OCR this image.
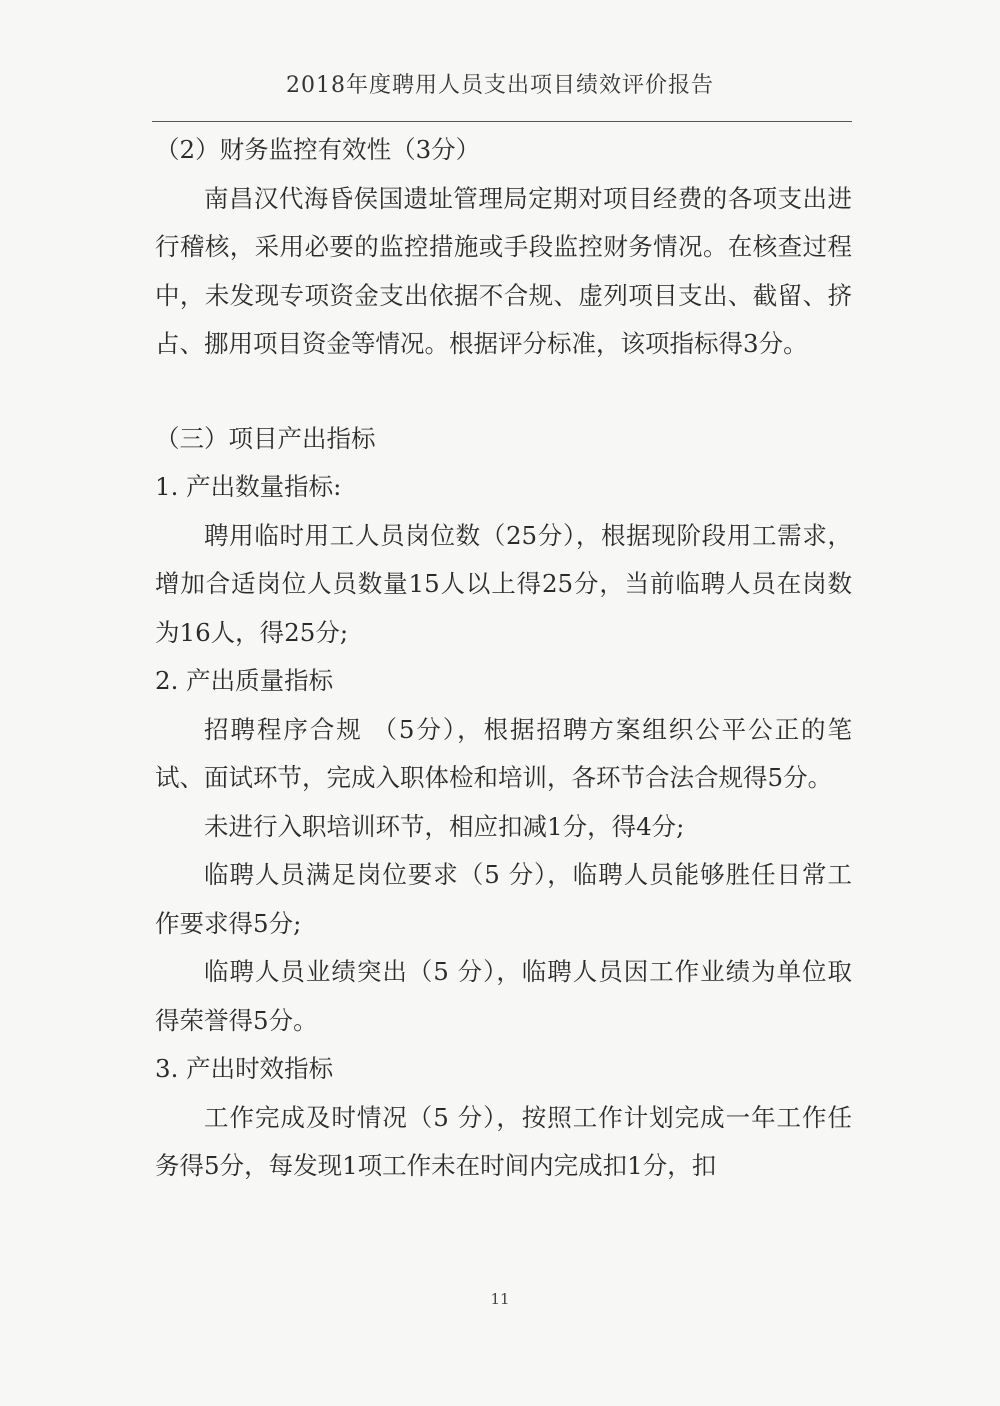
2018年度聘用人员支出项目绩效评价报告

（2）财务监控有效性（3分）

南昌汉代海昏侯国遗址管理局定期对项目经费的各项支出进行稽核，采用必要的监控措施或手段监控财务情况。在核查过程中，未发现专项资金支出依据不合规、虚列项目支出、截留、挤占、挪用项目资金等情况。根据评分标准，该项指标得3分。

（三）项目产出指标

1. 产出数量指标:

聘用临时用工人员岗位数（25分），根据现阶段用工需求，增加合适岗位人员数量15人以上得25分，当前临聘人员在岗数为16人，得25分;

2. 产出质量指标

招聘程序合规 （5分），根据招聘方案组织公平公正的笔试、面试环节，完成入职体检和培训，各环节合法合规得5分。

未进行入职培训环节，相应扣减1分，得4分;

临聘人员满足岗位要求（5 分），临聘人员能够胜任日常工作要求得5分;

临聘人员业绩突出（5 分），临聘人员因工作业绩为单位取得荣誉得5分。

3. 产出时效指标

工作完成及时情况（5 分），按照工作计划完成一年工作任务得5分，每发现1项工作未在时间内完成扣1分，扣

11
